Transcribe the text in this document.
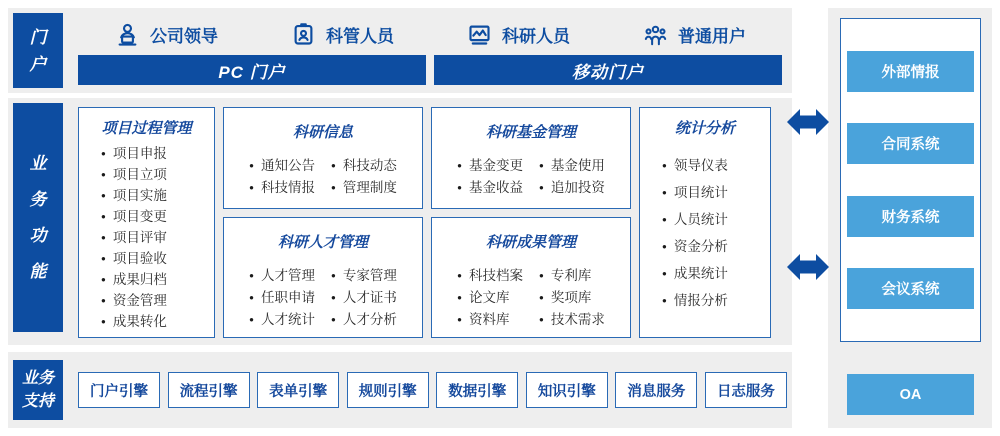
门
户
公司领导	科管人员	科研人员	普通用户
PC 门户	移动门户
业
务
功
能
项目过程管理
● 项目申报
● 项目立项
● 项目实施
● 项目变更
● 项目评审
● 项目验收
● 成果归档
● 资金管理
● 成果转化
科研信息
● 通知公告	● 科技动态
● 科技情报	● 管理制度
科研人才管理
● 人才管理	● 专家管理
● 任职申请	● 人才证书
● 人才统计	● 人才分析
科研基金管理
● 基金变更	● 基金使用
● 基金收益	● 追加投资
科研成果管理
● 科技档案	● 专利库
● 论文库	● 奖项库
● 资料库	● 技术需求
统计分析
● 领导仪表
● 项目统计
● 人员统计
● 资金分析
● 成果统计
● 情报分析
业务
支持
门户引擎	流程引擎	表单引擎	规则引擎	数据引擎	知识引擎	消息服务	日志服务
外部情报
合同系统
财务系统
会议系统
OA
